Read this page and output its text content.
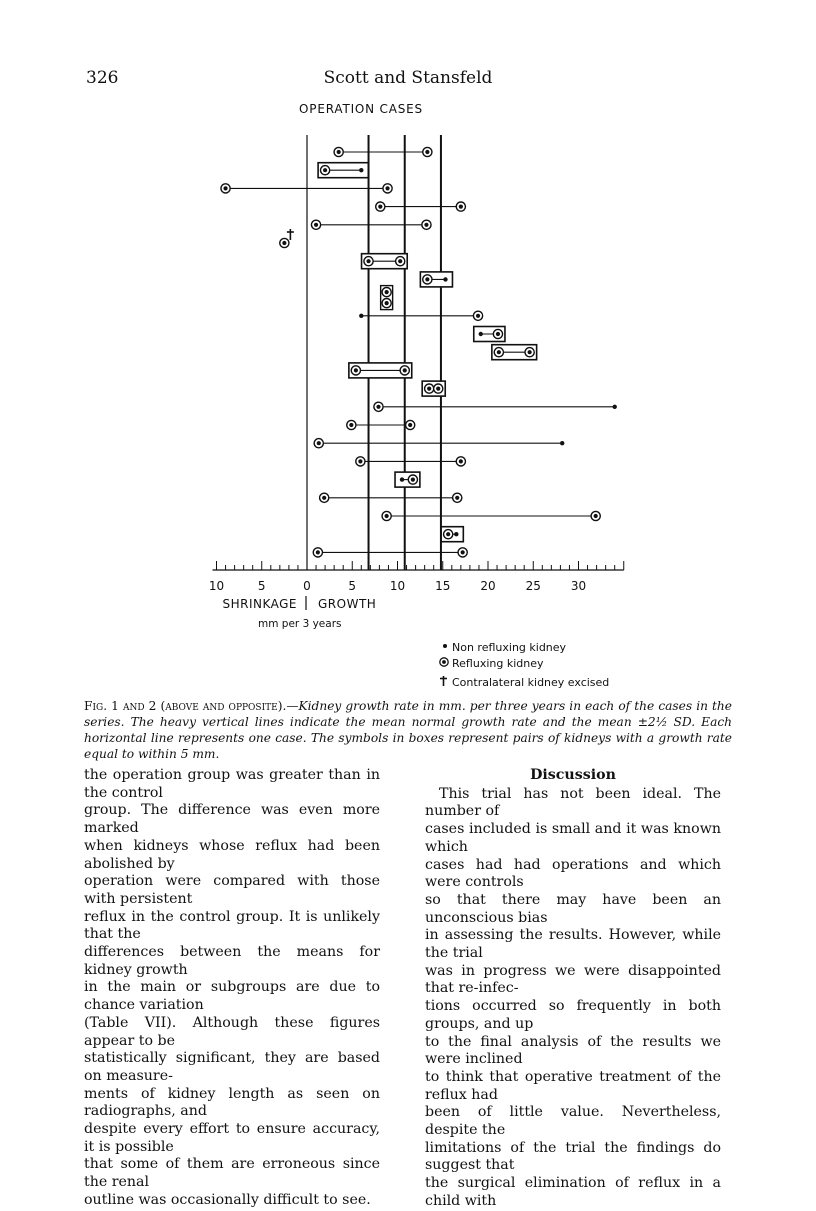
326	Scott and Stansfeld
OPERATION CASES
10	5	0	5	10 15 20 25 30
SHRINKAGE GROWTH
mm per 3 years
Non refluxing kidney
Refluxing kidney
Contralateral kidney excised
Fig. 1 and 2 (above and opposite).—Kidney growth rate in mm. per three years in each of the cases in the series. The heavy vertical lines indicate the mean normal growth rate and the mean ±2½ SD. Each horizontal line represents one case. The symbols in boxes represent pairs of kidneys with a growth rate equal to within 5 mm.

the operation group was greater than in the control

group. The difference was even more marked

when kidneys whose reflux had been abolished by

operation were compared with those with persistent

reflux in the control group. It is unlikely that the

differences between the means for kidney growth

in the main or subgroups are due to chance variation

(Table VII). Although these figures appear to be

statistically significant, they are based on measure-

ments of kidney length as seen on radiographs, and

despite every effort to ensure accuracy, it is possible

that some of them are erroneous since the renal

outline was occasionally difficult to see.

Discussion

This trial has not been ideal. The number of

cases included is small and it was known which

cases had had operations and which were controls

so that there may have been an unconscious bias

in assessing the results. However, while the trial

was in progress we were disappointed that re-infec-

tions occurred so frequently in both groups, and up

to the final analysis of the results we were inclined

to think that operative treatment of the reflux had

been of little value. Nevertheless, despite the

limitations of the trial the findings do suggest that

the surgical elimination of reflux in a child with
